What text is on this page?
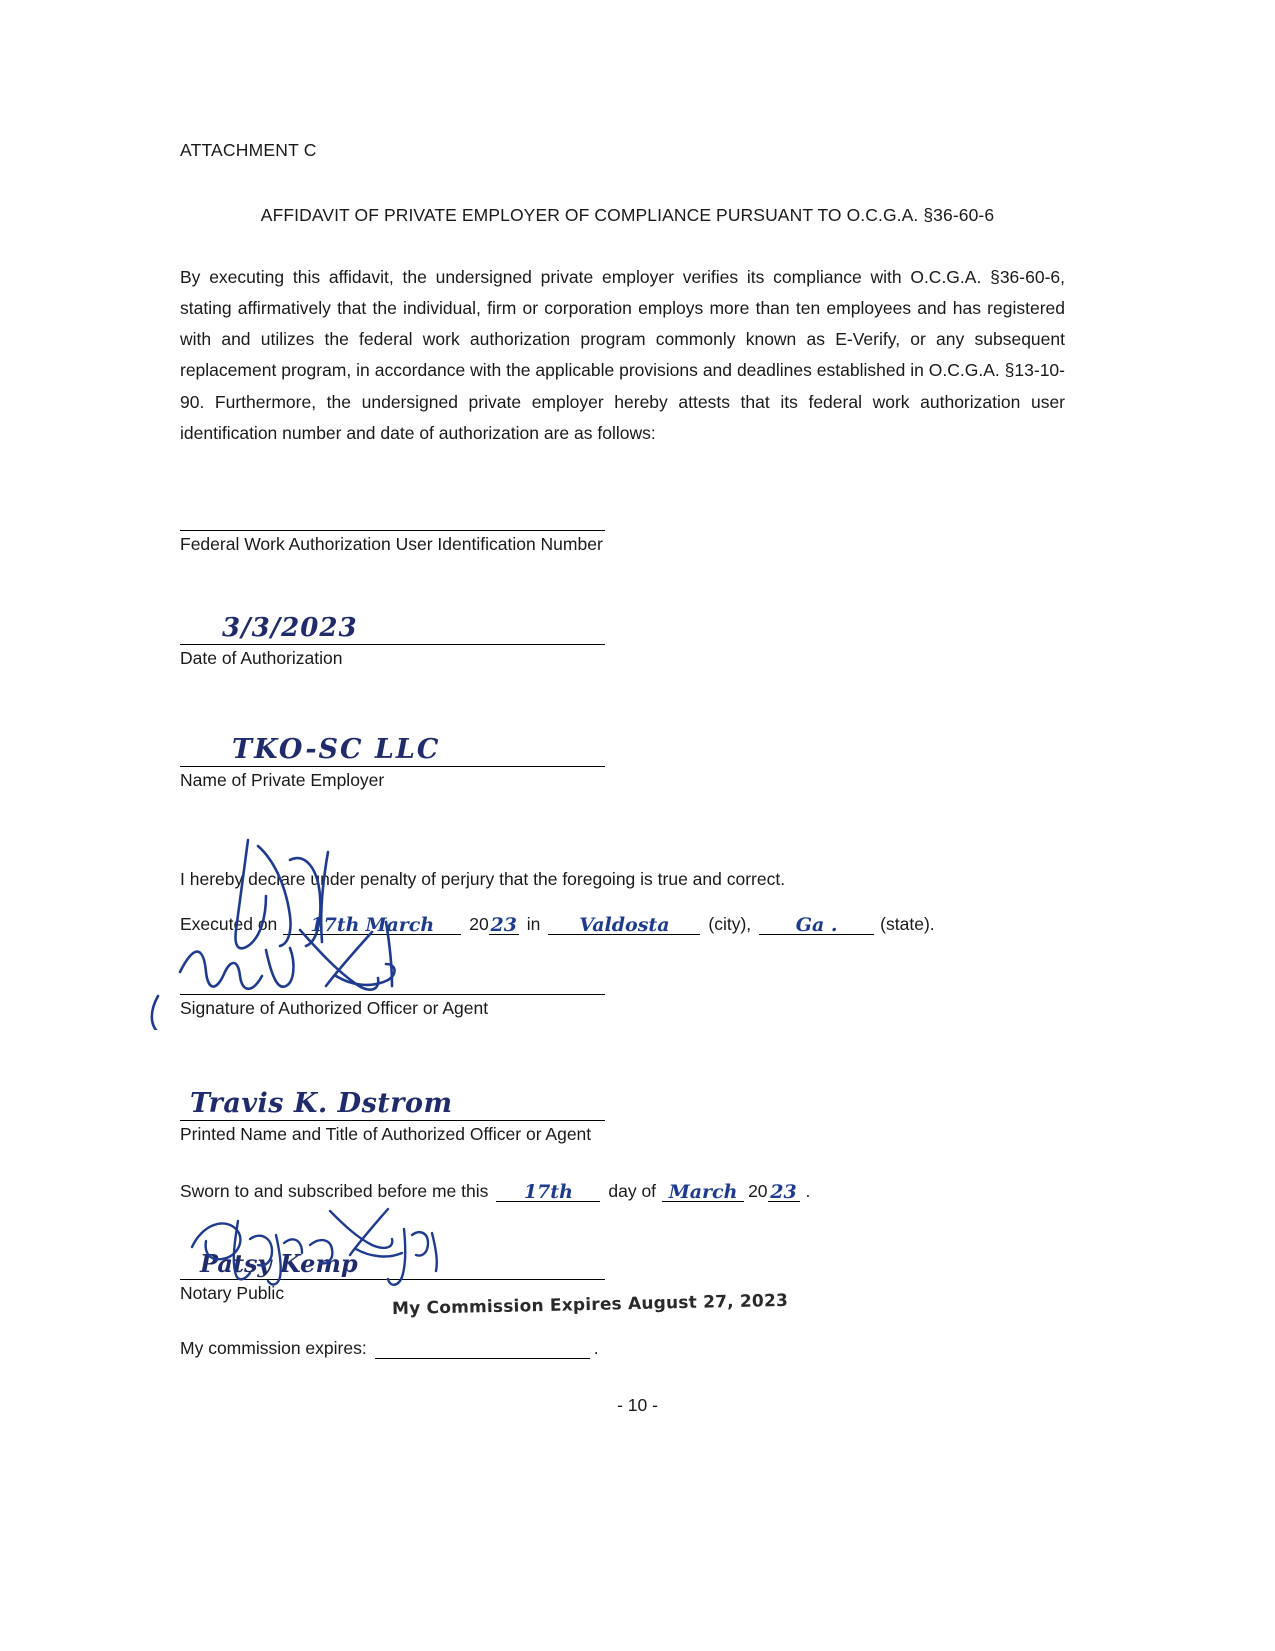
ATTACHMENT C
AFFIDAVIT OF PRIVATE EMPLOYER OF COMPLIANCE PURSUANT TO O.C.G.A. §36-60-6

By executing this affidavit, the undersigned private employer verifies its compliance with O.C.G.A. §36-60-6, stating affirmatively that the individual, firm or corporation employs more than ten employees and has registered with and utilizes the federal work authorization program commonly known as E-Verify, or any subsequent replacement program, in accordance with the applicable provisions and deadlines established in O.C.G.A. §13-10-90. Furthermore, the undersigned private employer hereby attests that its federal work authorization user identification number and date of authorization are as follows:

Federal Work Authorization User Identification Number
3/3/2023
Date of Authorization
TKO-SC LLC
Name of Private Employer

I hereby declare under penalty of perjury that the foregoing is true and correct.

Executed on	17th March	20 23 in	Valdosta	(city),	Ga .	(state).
Signature of Authorized Officer or Agent
Travis K. Dstrom
Printed Name and Title of Authorized Officer or Agent
Sworn to and subscribed before me this	17th	day of March 20 23 .
Patsy Kemp
Notary Public
My commission expires:	.
My Commission Expires August 27, 2023
- 10 -
